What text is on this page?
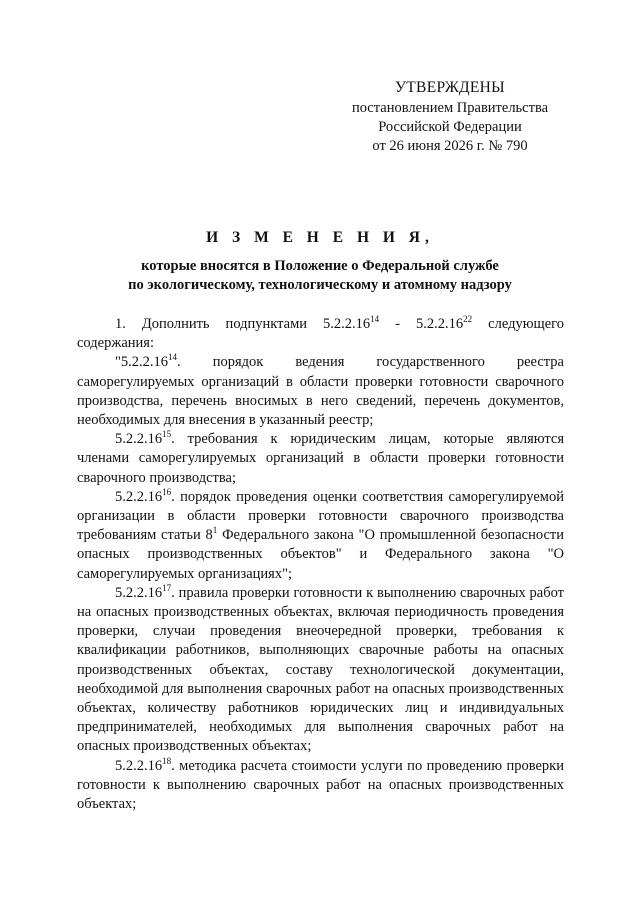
УТВЕРЖДЕНЫ
постановлением Правительства
Российской Федерации
от 26 июня 2026 г. № 790
И З М Е Н Е Н И Я,
которые вносятся в Положение о Федеральной службе
по экологическому, технологическому и атомному надзору

1. Дополнить подпунктами 5.2.2.16$^{14}$ - 5.2.2.16$^{22}$ следующего содержания:

"5.2.2.16$^{14}$. порядок ведения государственного реестра саморегулируемых организаций в области проверки готовности сварочного производства, перечень вносимых в него сведений, перечень документов, необходимых для внесения в указанный реестр;

5.2.2.16$^{15}$. требования к юридическим лицам, которые являются членами саморегулируемых организаций в области проверки готовности сварочного производства;

5.2.2.16$^{16}$. порядок проведения оценки соответствия саморегулируемой организации в области проверки готовности сварочного производства требованиям статьи $8^1$ Федерального закона "О промышленной безопасности опасных производственных объектов" и Федерального закона "О саморегулируемых организациях";

5.2.2.16$^{17}$. правила проверки готовности к выполнению сварочных работ на опасных производственных объектах, включая периодичность проведения проверки, случаи проведения внеочередной проверки, требования к квалификации работников, выполняющих сварочные работы на опасных производственных объектах, составу технологической документации, необходимой для выполнения сварочных работ на опасных производственных объектах, количеству работников юридических лиц и индивидуальных предпринимателей, необходимых для выполнения сварочных работ на опасных производственных объектах;

5.2.2.16$^{18}$. методика расчета стоимости услуги по проведению проверки готовности к выполнению сварочных работ на опасных производственных объектах;
